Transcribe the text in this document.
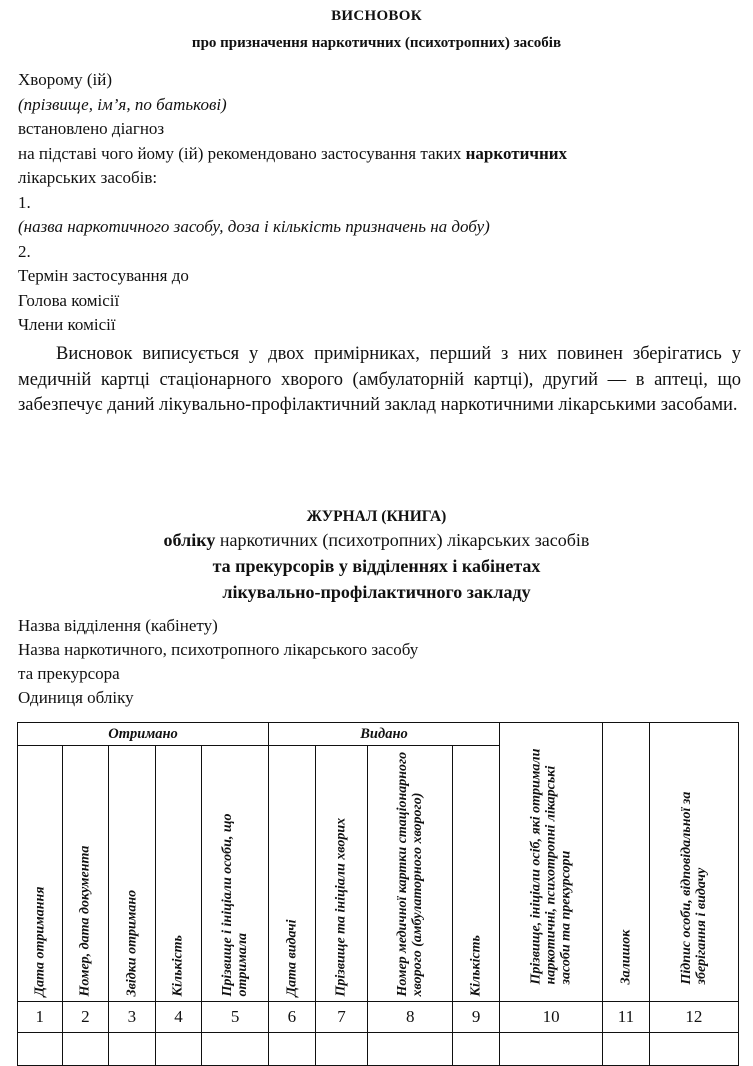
ВИСНОВОК
про призначення наркотичних (психотропних) засобів
Хворому (ій)
(прізвище, ім’я, по батькові)
встановлено діагноз
на підставі чого йому (ій) рекомендовано застосування таких наркотичних
лікарських засобів:
1.
(назва наркотичного засобу, доза і кількість призначень на добу)
2.
Термін застосування до
Голова комісії
Члени комісії
Висновок виписується у двох примірниках, перший з них повинен зберігатись у медичній картці стаціонарного хворого (амбулаторній картці), другий — в аптеці, що забезпечує даний лікувально-профілактичний заклад наркотичними лікарськими засобами.
ЖУРНАЛ (КНИГА)
обліку наркотичних (психотропних) лікарських засобів
та прекурсорів у відділеннях і кабінетах
лікувально-профілактичного закладу
Назва відділення (кабінету)
Назва наркотичного, психотропного лікарського засобу
та прекурсора
Одиниця обліку
Отримано					Видано				Прізвище, ініціали осіб, які отримали наркотичні, психотропні лікарські засоби та прекурсори	Залишок	Підпис особи, відповідальної за зберігання і видачу

Дата отримання	Номер, дата документа	Звідки отримано	Кількість	Прізвище і ініціали особи, що отримала	Дата видачі	Прізвище та ініціали хворих	Номер медичної картки стаціонарного хворого (амбулаторного хворого)	Кількість			

1	2	3	4	5	6	7	8	9	10	11	12
